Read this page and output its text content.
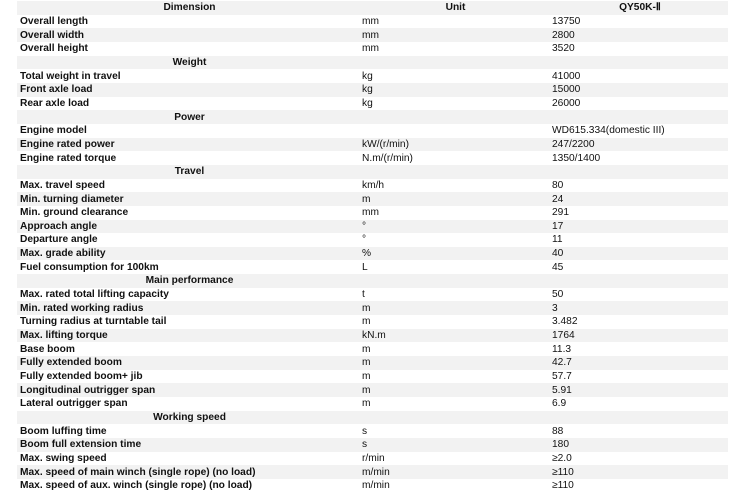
Dimension	Unit	QY50K-Ⅱ
Overall length	mm	13750
Overall width	mm	2800
Overall height	mm	3520
Weight		
Total weight in travel	kg	41000
Front axle load	kg	15000
Rear axle load	kg	26000
Power		
Engine model		WD615.334(domestic III)
Engine rated power	kW/(r/min)	247/2200
Engine rated torque	N.m/(r/min)	1350/1400
Travel		
Max. travel speed	km/h	80
Min. turning diameter	m	24
Min. ground clearance	mm	291
Approach angle	°	17
Departure angle	°	11
Max. grade ability	%	40
Fuel consumption for 100km	L	45
Main performance		
Max. rated total lifting capacity	t	50
Min. rated working radius	m	3
Turning radius at turntable tail	m	3.482
Max. lifting torque	kN.m	1764
Base boom	m	11.3
Fully extended boom	m	42.7
Fully extended boom+ jib	m	57.7
Longitudinal outrigger span	m	5.91
Lateral outrigger span	m	6.9
Working speed		
Boom luffing time	s	88
Boom full extension time	s	180
Max. swing speed	r/min	≥2.0
Max. speed of main winch (single rope) (no load)	m/min	≥110
Max. speed of aux. winch (single rope) (no load)	m/min	≥110
